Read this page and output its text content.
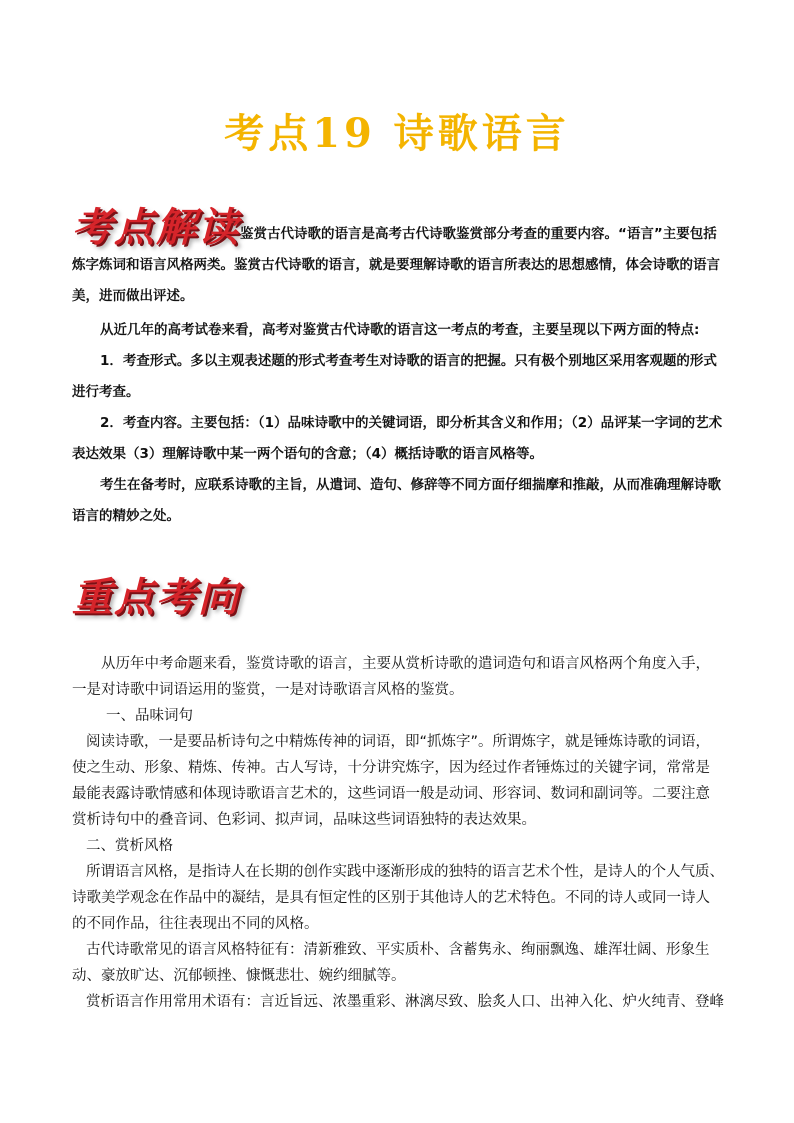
考点19 诗歌语言
考点解读 鉴赏古代诗歌的语言是高考古代诗歌鉴赏部分考查的重要内容。“语言”主要包括炼字炼词和语言风格两类。鉴赏古代诗歌的语言，就是要理解诗歌的语言所表达的思想感情，体会诗歌的语言美，进而做出评述。

从近几年的高考试卷来看，高考对鉴赏古代诗歌的语言这一考点的考查，主要呈现以下两方面的特点:

1．考查形式。多以主观表述题的形式考查考生对诗歌的语言的把握。只有极个别地区采用客观题的形式进行考查。

2．考查内容。主要包括：（1）品味诗歌中的关键词语，即分析其含义和作用；（2）品评某一字词的艺术表达效果（3）理解诗歌中某一两个语句的含意；（4）概括诗歌的语言风格等。

考生在备考时，应联系诗歌的主旨，从遣词、造句、修辞等不同方面仔细揣摩和推敲，从而准确理解诗歌语言的精妙之处。

重点考向

从历年中考命题来看，鉴赏诗歌的语言，主要从赏析诗歌的遣词造句和语言风格两个角度入手，一是对诗歌中词语运用的鉴赏，一是对诗歌语言风格的鉴赏。

一、品味词句

阅读诗歌，一是要品析诗句之中精炼传神的词语，即“抓炼字”。所谓炼字，就是锤炼诗歌的词语，使之生动、形象、精炼、传神。古人写诗，十分讲究炼字，因为经过作者锤炼过的关键字词，常常是最能表露诗歌情感和体现诗歌语言艺术的，这些词语一般是动词、形容词、数词和副词等。二要注意赏析诗句中的叠音词、色彩词、拟声词，品味这些词语独特的表达效果。

二、赏析风格

所谓语言风格，是指诗人在长期的创作实践中逐渐形成的独特的语言艺术个性，是诗人的个人气质、诗歌美学观念在作品中的凝结，是具有恒定性的区别于其他诗人的艺术特色。不同的诗人或同一诗人的不同作品，往往表现出不同的风格。

古代诗歌常见的语言风格特征有：清新雅致、平实质朴、含蓄隽永、绚丽飘逸、雄浑壮阔、形象生动、豪放旷达、沉郁顿挫、慷慨悲壮、婉约细腻等。

赏析语言作用常用术语有：言近旨远、浓墨重彩、淋漓尽致、脍炙人口、出神入化、炉火纯青、登峰
